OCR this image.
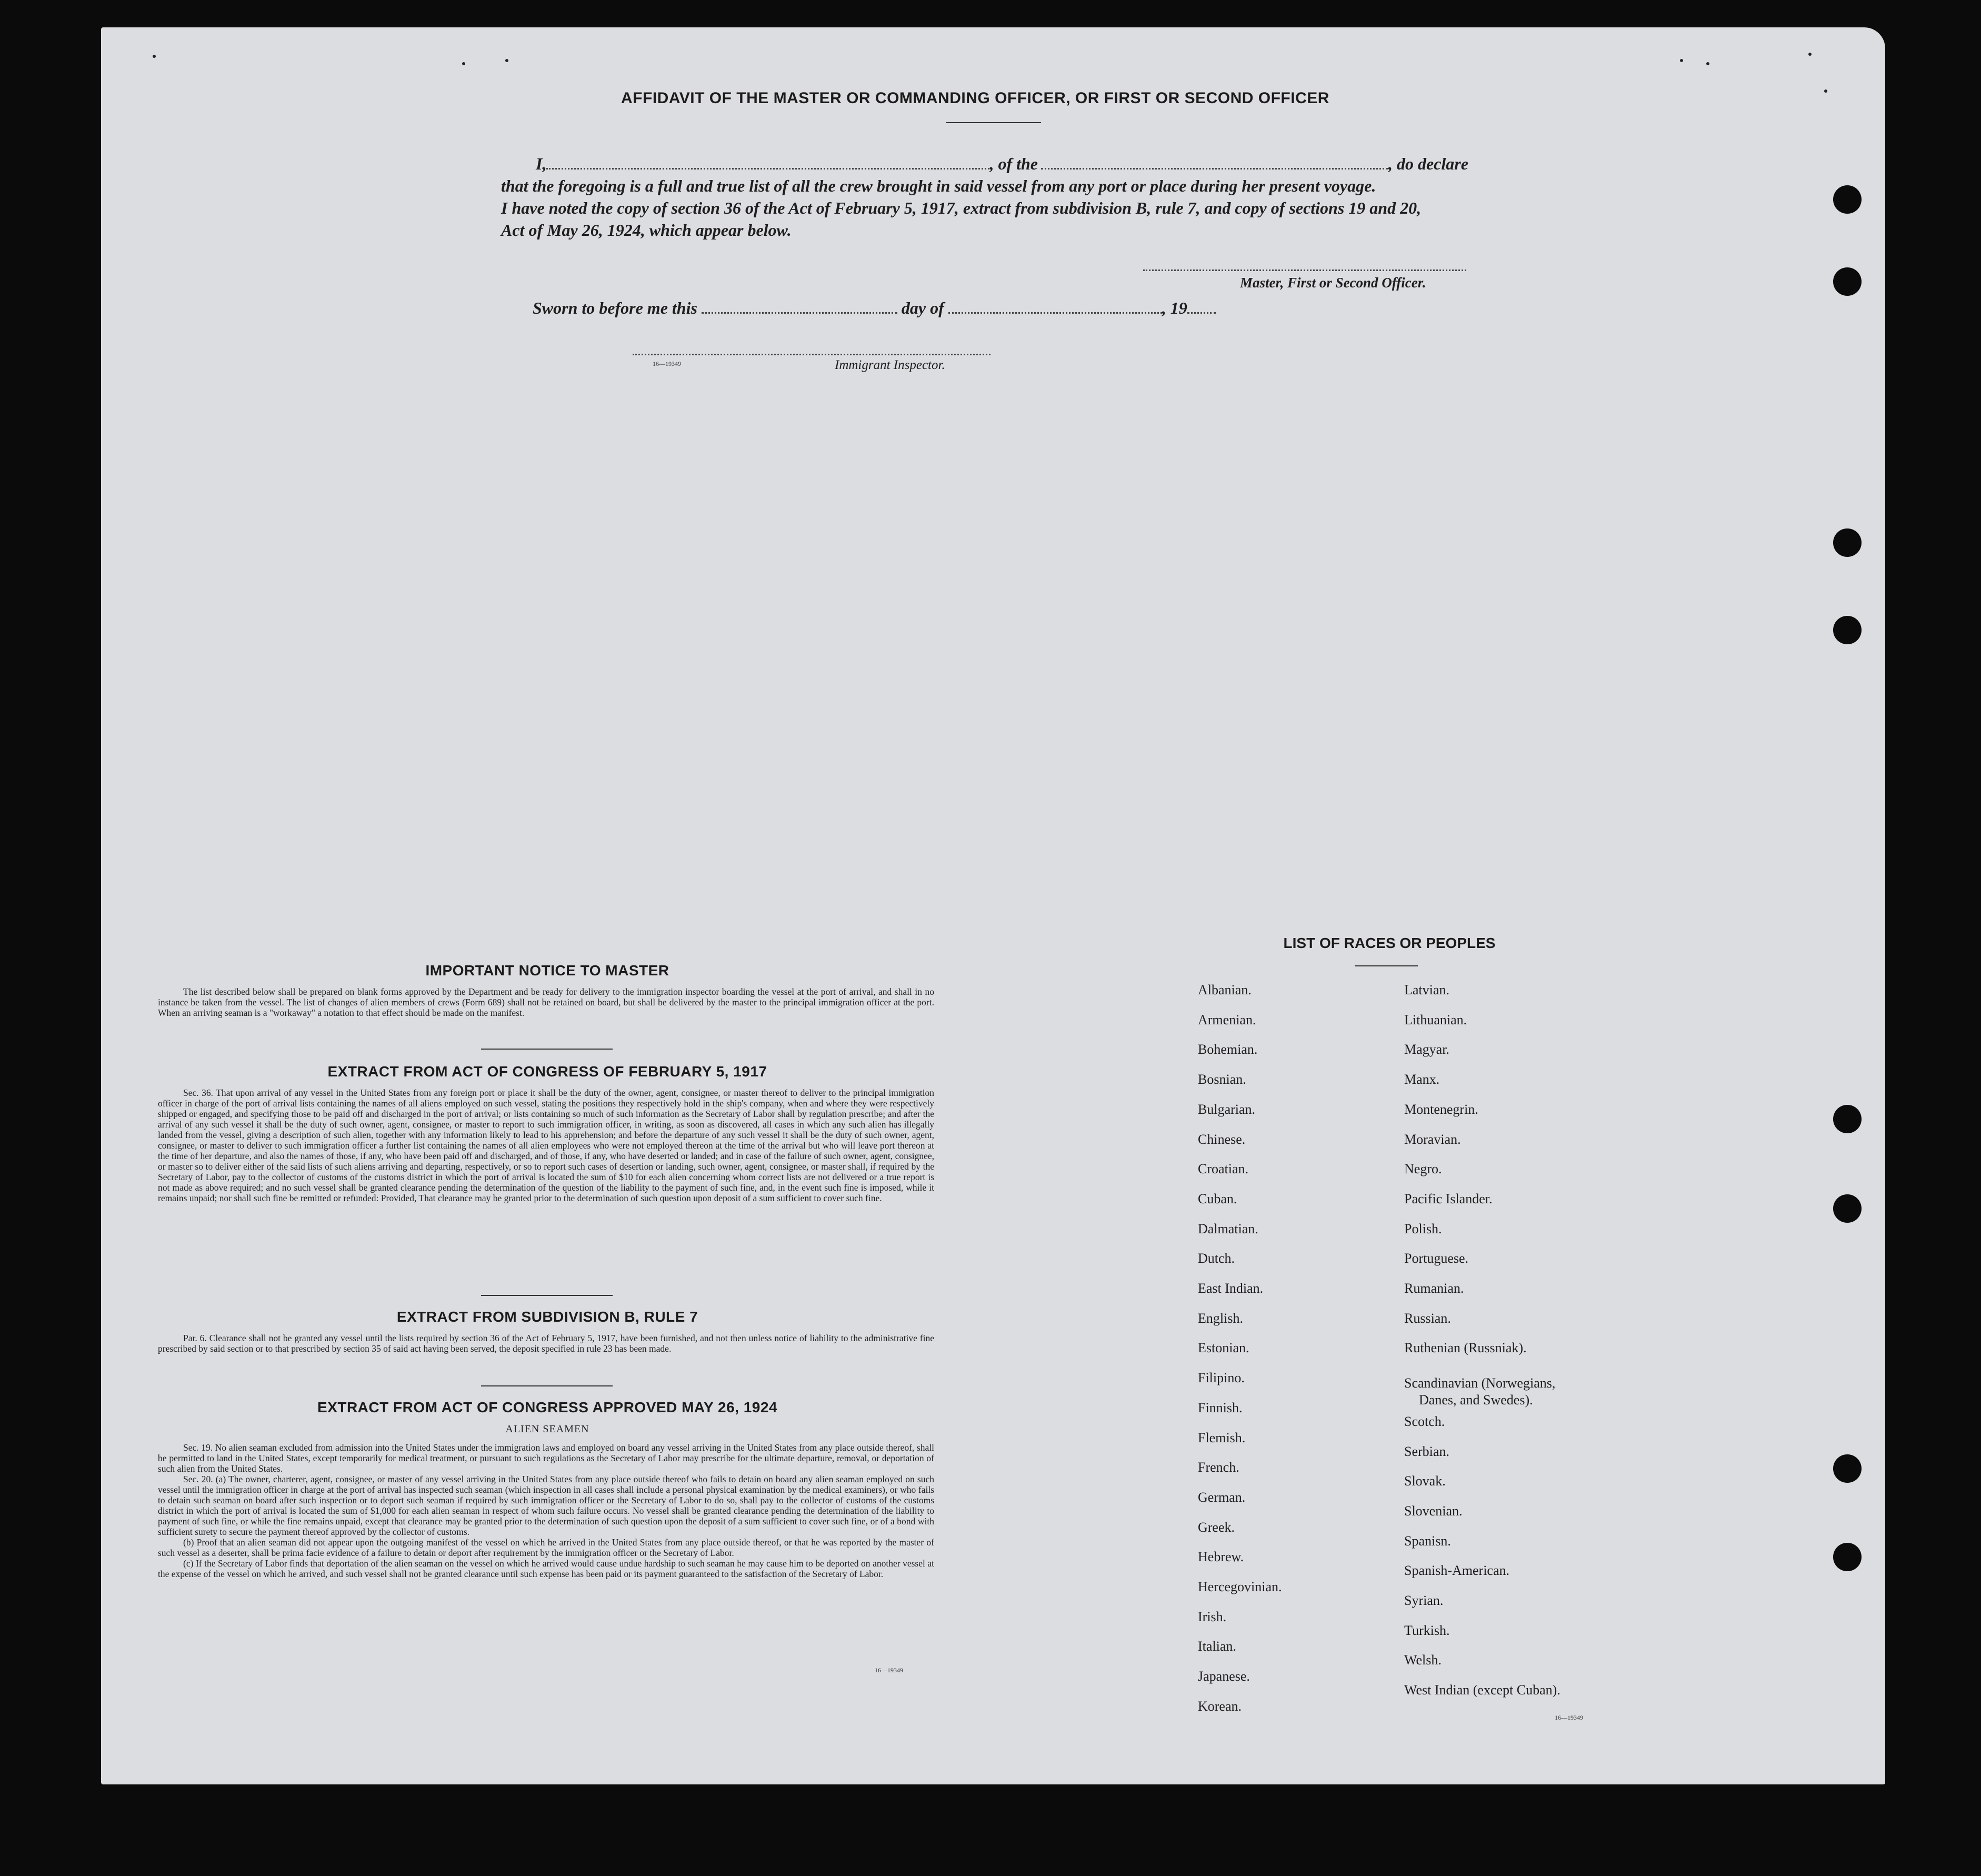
AFFIDAVIT OF THE MASTER OR COMMANDING OFFICER, OR FIRST OR SECOND OFFICER
I,	, of the	, do declare
that the foregoing is a full and true list of all the crew brought in said vessel from any port or place during her present voyage.
I have noted the copy of section 36 of the Act of February 5, 1917, extract from subdivision B, rule 7, and copy of sections 19 and 20,
Act of May 26, 1924, which appear below.
Master, First or Second Officer.
Sworn to before me this	day of	, 19
16—19349	Immigrant Inspector.
IMPORTANT NOTICE TO MASTER

The list described below shall be prepared on blank forms approved by the Department and be ready for delivery to the immigration inspector boarding the vessel at the port of arrival, and shall in no instance be taken from the vessel. The list of changes of alien members of crews (Form 689) shall not be retained on board, but shall be delivered by the master to the principal immigration officer at the port. When an arriving seaman is a "workaway" a notation to that effect should be made on the manifest.

EXTRACT FROM ACT OF CONGRESS OF FEBRUARY 5, 1917

Sec. 36. That upon arrival of any vessel in the United States from any foreign port or place it shall be the duty of the owner, agent, consignee, or master thereof to deliver to the principal immigration officer in charge of the port of arrival lists containing the names of all aliens employed on such vessel, stating the positions they respectively hold in the ship's company, when and where they were respectively shipped or engaged, and specifying those to be paid off and discharged in the port of arrival; or lists containing so much of such information as the Secretary of Labor shall by regulation prescribe; and after the arrival of any such vessel it shall be the duty of such owner, agent, consignee, or master to report to such immigration officer, in writing, as soon as discovered, all cases in which any such alien has illegally landed from the vessel, giving a description of such alien, together with any information likely to lead to his apprehension; and before the departure of any such vessel it shall be the duty of such owner, agent, consignee, or master to deliver to such immigration officer a further list containing the names of all alien employees who were not employed thereon at the time of the arrival but who will leave port thereon at the time of her departure, and also the names of those, if any, who have been paid off and discharged, and of those, if any, who have deserted or landed; and in case of the failure of such owner, agent, consignee, or master so to deliver either of the said lists of such aliens arriving and departing, respectively, or so to report such cases of desertion or landing, such owner, agent, consignee, or master shall, if required by the Secretary of Labor, pay to the collector of customs of the customs district in which the port of arrival is located the sum of $10 for each alien concerning whom correct lists are not delivered or a true report is not made as above required; and no such vessel shall be granted clearance pending the determination of the question of the liability to the payment of such fine, and, in the event such fine is imposed, while it remains unpaid; nor shall such fine be remitted or refunded: Provided, That clearance may be granted prior to the determination of such question upon deposit of a sum sufficient to cover such fine.

EXTRACT FROM SUBDIVISION B, RULE 7

Par. 6. Clearance shall not be granted any vessel until the lists required by section 36 of the Act of February 5, 1917, have been furnished, and not then unless notice of liability to the administrative fine prescribed by said section or to that prescribed by section 35 of said act having been served, the deposit specified in rule 23 has been made.

EXTRACT FROM ACT OF CONGRESS APPROVED MAY 26, 1924
ALIEN SEAMEN

Sec. 19. No alien seaman excluded from admission into the United States under the immigration laws and employed on board any vessel arriving in the United States from any place outside thereof, shall be permitted to land in the United States, except temporarily for medical treatment, or pursuant to such regulations as the Secretary of Labor may prescribe for the ultimate departure, removal, or deportation of such alien from the United States.

Sec. 20. (a) The owner, charterer, agent, consignee, or master of any vessel arriving in the United States from any place outside thereof who fails to detain on board any alien seaman employed on such vessel until the immigration officer in charge at the port of arrival has inspected such seaman (which inspection in all cases shall include a personal physical examination by the medical examiners), or who fails to detain such seaman on board after such inspection or to deport such seaman if required by such immigration officer or the Secretary of Labor to do so, shall pay to the collector of customs of the customs district in which the port of arrival is located the sum of $1,000 for each alien seaman in respect of whom such failure occurs. No vessel shall be granted clearance pending the determination of the liability to payment of such fine, or while the fine remains unpaid, except that clearance may be granted prior to the determination of such question upon the deposit of a sum sufficient to cover such fine, or of a bond with sufficient surety to secure the payment thereof approved by the collector of customs.

(b) Proof that an alien seaman did not appear upon the outgoing manifest of the vessel on which he arrived in the United States from any place outside thereof, or that he was reported by the master of such vessel as a deserter, shall be prima facie evidence of a failure to detain or deport after requirement by the immigration officer or the Secretary of Labor.

(c) If the Secretary of Labor finds that deportation of the alien seaman on the vessel on which he arrived would cause undue hardship to such seaman he may cause him to be deported on another vessel at the expense of the vessel on which he arrived, and such vessel shall not be granted clearance until such expense has been paid or its payment guaranteed to the satisfaction of the Secretary of Labor.

16—19349
LIST OF RACES OR PEOPLES
Albanian.
Armenian.
Bohemian.
Bosnian.
Bulgarian.
Chinese.
Croatian.
Cuban.
Dalmatian.
Dutch.
East Indian.
English.
Estonian.
Filipino.
Finnish.
Flemish.
French.
German.
Greek.
Hebrew.
Hercegovinian.
Irish.
Italian.
Japanese.
Korean.
Latvian.
Lithuanian.
Magyar.
Manx.
Montenegrin.
Moravian.
Negro.
Pacific Islander.
Polish.
Portuguese.
Rumanian.
Russian.
Ruthenian (Russniak).
Scandinavian (Norwegians,
Danes, and Swedes).
Scotch.
Serbian.
Slovak.
Slovenian.
Spanisn.
Spanish-American.
Syrian.
Turkish.
Welsh.
West Indian (except Cuban).
16—19349
